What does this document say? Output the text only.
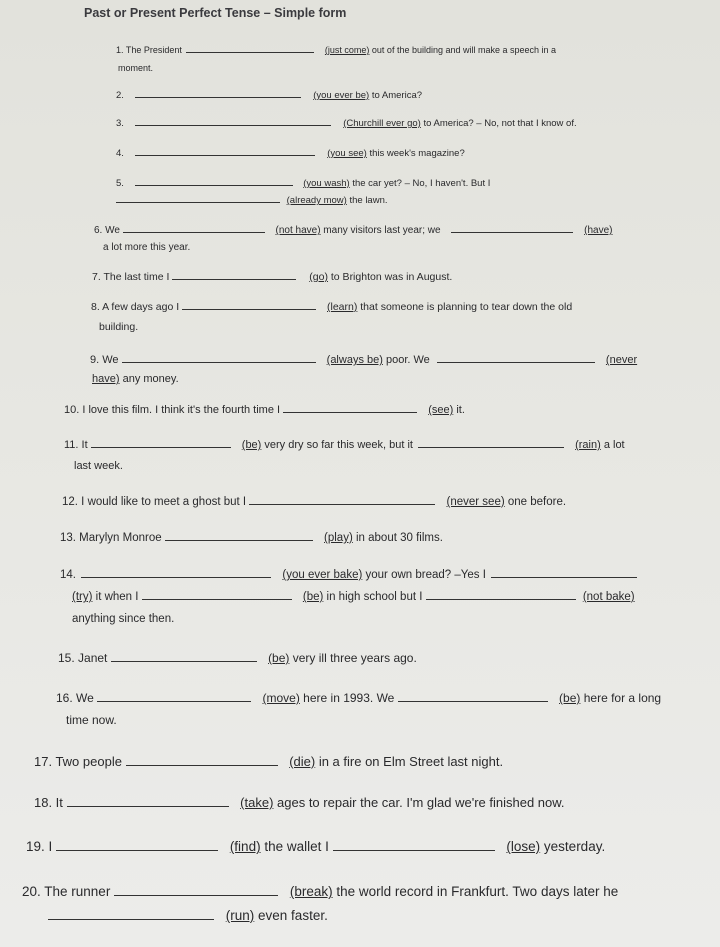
Past or Present Perfect Tense – Simple form
1. The President	(just come) out of the building and will make a speech in a
moment.
2.	(you ever be) to America?
3.	(Churchill ever go) to America? – No, not that I know of.
4.	(you see) this week's magazine?
5.	(you wash) the car yet? – No, I haven't. But I
(already mow) the lawn.
6. We	(not have) many visitors last year; we	(have)
a lot more this year.
7. The last time I	(go) to Brighton was in August.
8. A few days ago I	(learn) that someone is planning to tear down the old
building.
9. We	(always be) poor. We	(never
have) any money.
10. I love this film. I think it's the fourth time I	(see) it.
11. It	(be) very dry so far this week, but it	(rain) a lot
last week.
12. I would like to meet a ghost but I	(never see) one before.
13. Marylyn Monroe	(play) in about 30 films.
14.	(you ever bake) your own bread? –Yes I
(try) it when I	(be) in high school but I	(not bake)
anything since then.
15. Janet	(be) very ill three years ago.
16. We	(move) here in 1993. We	(be) here for a long
time now.
17. Two people	(die) in a fire on Elm Street last night.
18. It	(take) ages to repair the car. I'm glad we're finished now.
19. I	(find) the wallet I	(lose) yesterday.
20. The runner	(break) the world record in Frankfurt. Two days later he
(run) even faster.
